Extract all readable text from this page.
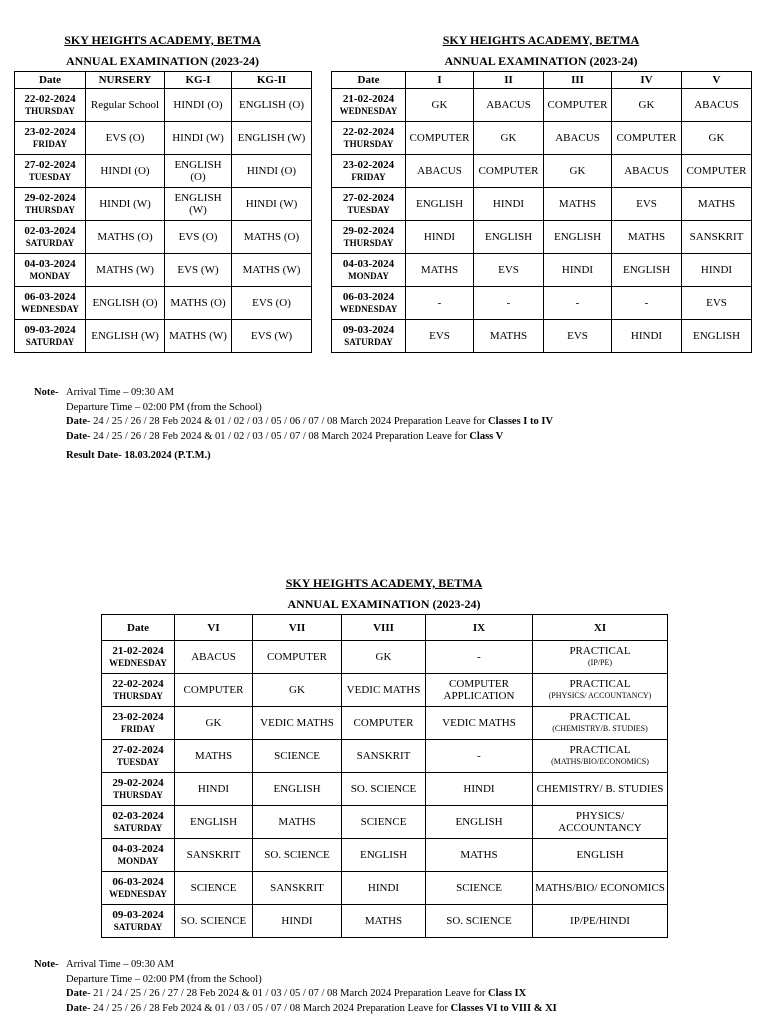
SKY HEIGHTS ACADEMY, BETMA
ANNUAL EXAMINATION (2023-24)
Date	NURSERY	KG-I	KG-II

22-02-2024
THURSDAY	Regular School	HINDI (O)	ENGLISH (O)

23-02-2024
FRIDAY	EVS (O)	HINDI (W)	ENGLISH (W)

27-02-2024
TUESDAY	HINDI (O)	ENGLISH (O)	HINDI (O)

29-02-2024
THURSDAY	HINDI (W)	ENGLISH (W)	HINDI (W)

02-03-2024
SATURDAY	MATHS (O)	EVS (O)	MATHS (O)

04-03-2024
MONDAY	MATHS (W)	EVS (W)	MATHS (W)

06-03-2024
WEDNESDAY	ENGLISH (O)	MATHS (O)	EVS (O)

09-03-2024
SATURDAY	ENGLISH (W)	MATHS (W)	EVS (W)
SKY HEIGHTS ACADEMY, BETMA
ANNUAL EXAMINATION (2023-24)
Date	I	II	III	IV	V

21-02-2024
WEDNESDAY	GK	ABACUS	COMPUTER	GK	ABACUS

22-02-2024
THURSDAY	COMPUTER	GK	ABACUS	COMPUTER	GK

23-02-2024
FRIDAY	ABACUS	COMPUTER	GK	ABACUS	COMPUTER

27-02-2024
TUESDAY	ENGLISH	HINDI	MATHS	EVS	MATHS

29-02-2024
THURSDAY	HINDI	ENGLISH	ENGLISH	MATHS	SANSKRIT

04-03-2024
MONDAY	MATHS	EVS	HINDI	ENGLISH	HINDI

06-03-2024
WEDNESDAY	-	-	-	-	EVS

09-03-2024
SATURDAY	EVS	MATHS	EVS	HINDI	ENGLISH
Note- Arrival Time – 09:30 AM
Departure Time – 02:00 PM (from the School)
Date- 24 / 25 / 26 / 28 Feb 2024 & 01 / 02 / 03 / 05 / 06 / 07 / 08 March 2024 Preparation Leave for Classes I to IV
Date- 24 / 25 / 26 / 28 Feb 2024 & 01 / 02 / 03 / 05 / 07 / 08 March 2024 Preparation Leave for Class V
Result Date- 18.03.2024 (P.T.M.)
SKY HEIGHTS ACADEMY, BETMA
ANNUAL EXAMINATION (2023-24)
Date	VI	VII	VIII	IX	XI

21-02-2024
WEDNESDAY	ABACUS	COMPUTER	GK	-	PRACTICAL
(IP/PE)

22-02-2024
THURSDAY	COMPUTER	GK	VEDIC MATHS	COMPUTER APPLICATION	PRACTICAL
(PHYSICS/ ACCOUNTANCY)

23-02-2024
FRIDAY	GK	VEDIC MATHS	COMPUTER	VEDIC MATHS	PRACTICAL
(CHEMISTRY/B. STUDIES)

27-02-2024
TUESDAY	MATHS	SCIENCE	SANSKRIT	-	PRACTICAL
(MATHS/BIO/ECONOMICS)

29-02-2024
THURSDAY	HINDI	ENGLISH	SO. SCIENCE	HINDI	CHEMISTRY/ B. STUDIES

02-03-2024
SATURDAY	ENGLISH	MATHS	SCIENCE	ENGLISH	PHYSICS/ ACCOUNTANCY

04-03-2024
MONDAY	SANSKRIT	SO. SCIENCE	ENGLISH	MATHS	ENGLISH

06-03-2024
WEDNESDAY	SCIENCE	SANSKRIT	HINDI	SCIENCE	MATHS/BIO/ ECONOMICS

09-03-2024
SATURDAY	SO. SCIENCE	HINDI	MATHS	SO. SCIENCE	IP/PE/HINDI
Note- Arrival Time – 09:30 AM
Departure Time – 02:00 PM (from the School)
Date- 21 / 24 / 25 / 26 / 27 / 28 Feb 2024 & 01 / 03 / 05 / 07 / 08 March 2024 Preparation Leave for Class IX
Date- 24 / 25 / 26 / 28 Feb 2024 & 01 / 03 / 05 / 07 / 08 March 2024 Preparation Leave for Classes VI to VIII & XI
